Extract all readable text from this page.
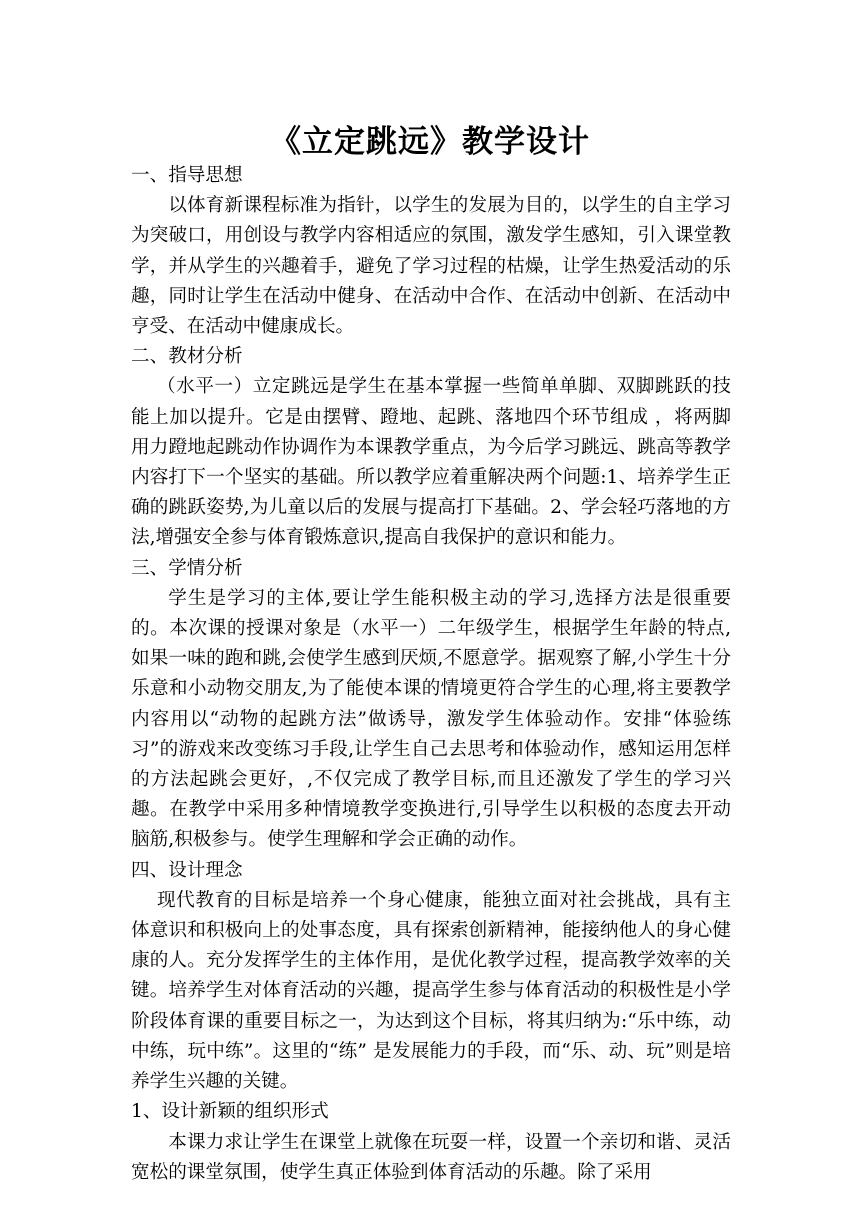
《立定跳远》教学设计

一、指导思想

以体育新课程标准为指针，以学生的发展为目的，以学生的自主学习为突破口，用创设与教学内容相适应的氛围，激发学生感知，引入课堂教学，并从学生的兴趣着手，避免了学习过程的枯燥，让学生热爱活动的乐趣，同时让学生在活动中健身、在活动中合作、在活动中创新、在活动中亨受、在活动中健康成长。

二、教材分析

（水平一）立定跳远是学生在基本掌握一些简单单脚、双脚跳跃的技能上加以提升。它是由摆臂、蹬地、起跳、落地四个环节组成 ，将两脚用力蹬地起跳动作协调作为本课教学重点，为今后学习跳远、跳高等教学内容打下一个坚实的基础。所以教学应着重解决两个问题:1、培养学生正确的跳跃姿势,为儿童以后的发展与提高打下基础。2、学会轻巧落地的方法,增强安全参与体育锻炼意识,提高自我保护的意识和能力。

三、学情分析

学生是学习的主体,要让学生能积极主动的学习,选择方法是很重要的。本次课的授课对象是（水平一）二年级学生，根据学生年龄的特点,如果一味的跑和跳,会使学生感到厌烦,不愿意学。据观察了解,小学生十分乐意和小动物交朋友,为了能使本课的情境更符合学生的心理,将主要教学内容用以“动物的起跳方法”做诱导，激发学生体验动作。安排“体验练习”的游戏来改变练习手段,让学生自己去思考和体验动作，感知运用怎样的方法起跳会更好，,不仅完成了教学目标,而且还激发了学生的学习兴趣。在教学中采用多种情境教学变换进行,引导学生以积极的态度去开动脑筋,积极参与。使学生理解和学会正确的动作。

四、设计理念

现代教育的目标是培养一个身心健康，能独立面对社会挑战，具有主体意识和积极向上的处事态度，具有探索创新精神，能接纳他人的身心健康的人。充分发挥学生的主体作用，是优化教学过程，提高教学效率的关键。培养学生对体育活动的兴趣，提高学生参与体育活动的积极性是小学阶段体育课的重要目标之一，为达到这个目标，将其归纳为:“乐中练，动中练，玩中练”。这里的“练” 是发展能力的手段，而“乐、动、玩”则是培养学生兴趣的关键。

1、设计新颖的组织形式

本课力求让学生在课堂上就像在玩耍一样，设置一个亲切和谐、灵活宽松的课堂氛围，使学生真正体验到体育活动的乐趣。除了采用
